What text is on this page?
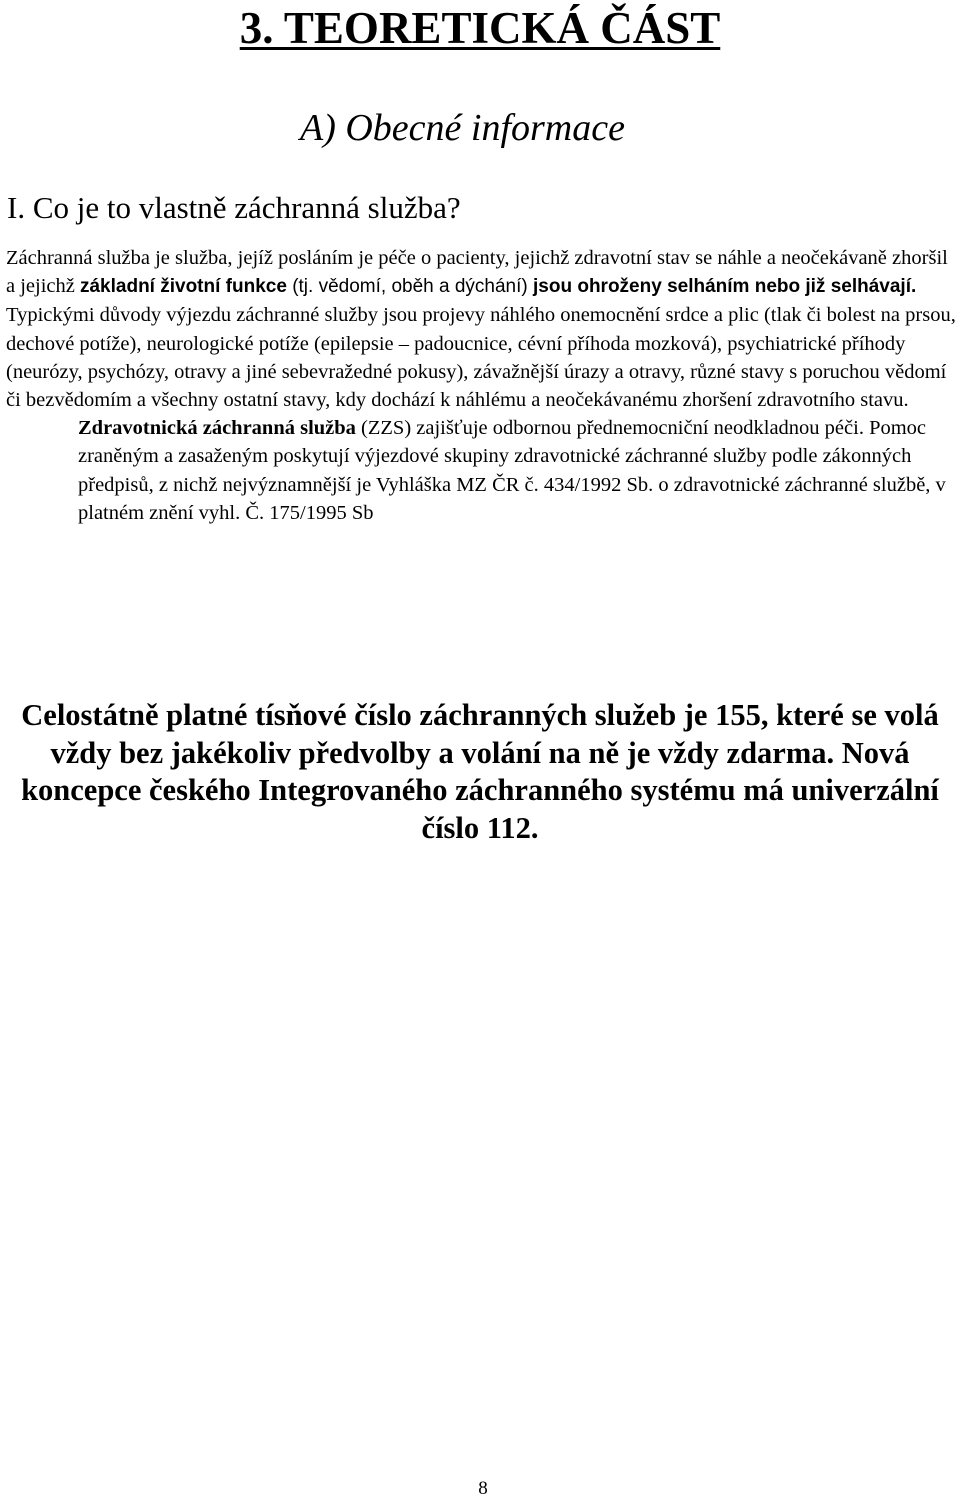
3. TEORETICKÁ ČÁST
A) Obecné informace
I. Co je to vlastně záchranná služba?

Záchranná služba je služba, jejíž posláním je péče o pacienty, jejichž zdravotní stav se náhle a neočekávaně zhoršil a jejichž základní životní funkce (tj. vědomí, oběh a dýchání) jsou ohroženy selháním nebo již selhávají. Typickými důvody výjezdu záchranné služby jsou projevy náhlého onemocnění srdce a plic (tlak či bolest na prsou, dechové potíže), neurologické potíže (epilepsie – padoucnice, cévní příhoda mozková), psychiatrické příhody (neurózy, psychózy, otravy a jiné sebevražedné pokusy), závažnější úrazy a otravy, různé stavy s poruchou vědomí či bezvědomím a všechny ostatní stavy, kdy dochází k náhlému a neočekávanému zhoršení zdravotního stavu.

Zdravotnická záchranná služba (ZZS) zajišťuje odbornou přednemocniční neodkladnou péči. Pomoc zraněným a zasaženým poskytují výjezdové skupiny zdravotnické záchranné služby podle zákonných předpisů, z nichž nejvýznamnější je Vyhláška MZ ČR č. 434/1992 Sb. o zdravotnické záchranné službě, v platném znění vyhl. Č. 175/1995 Sb

Celostátně platné tísňové číslo záchranných služeb je 155, které se volá vždy bez jakékoliv předvolby a volání na ně je vždy zdarma. Nová koncepce českého Integrovaného záchranného systému má univerzální číslo 112.
8
